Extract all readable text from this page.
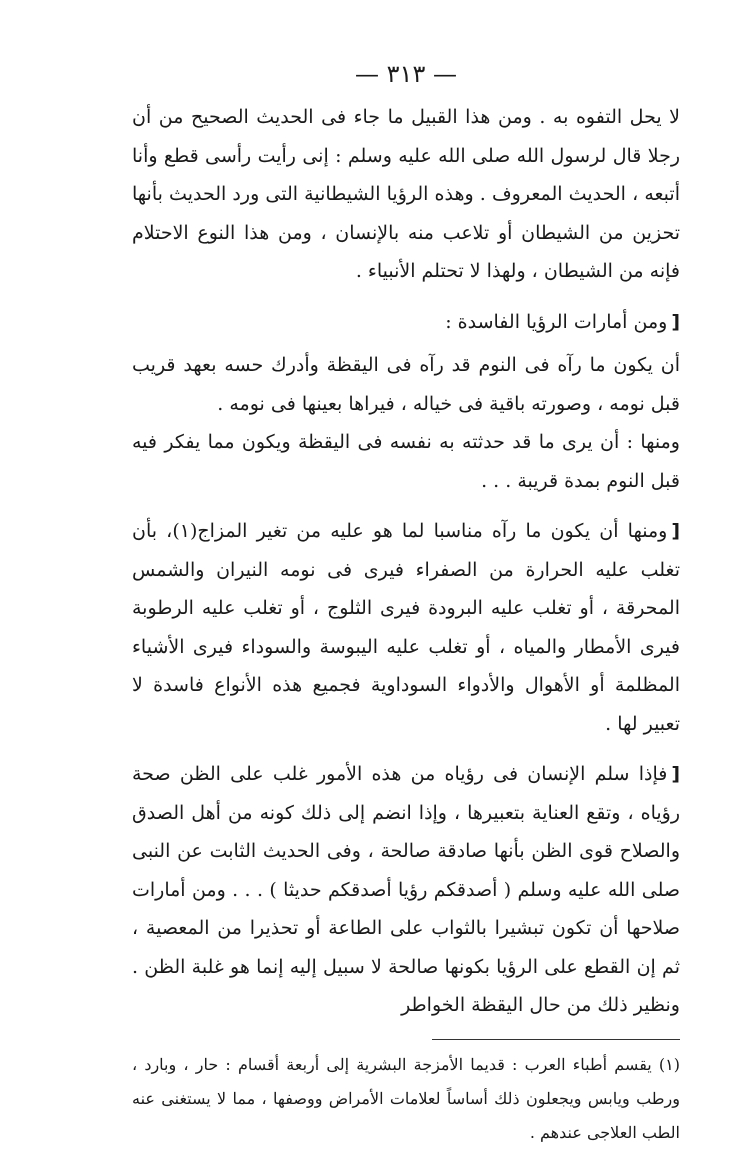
— ٣١٣ —

لا يحل التفوه به . ومن هذا القبيل ما جاء فى الحديث الصحيح من أن رجلا قال لرسول الله صلى الله عليه وسلم : إنى رأيت رأسى قطع وأنا أتبعه ، الحديث المعروف . وهذه الرؤيا الشيطانية التى ورد الحديث بأنها تحزين من الشيطان أو تلاعب منه بالإنسان ، ومن هذا النوع الاحتلام فإنه من الشيطان ، ولهذا لا تحتلم الأنبياء .

[ومن أمارات الرؤيا الفاسدة :

أن يكون ما رآه فى النوم قد رآه فى اليقظة وأدرك حسه بعهد قريب قبل نومه ، وصورته باقية فى خياله ، فيراها بعينها فى نومه .

ومنها : أن يرى ما قد حدثته به نفسه فى اليقظة ويكون مما يفكر فيه قبل النوم بمدة قريبة . . .

[ومنها أن يكون ما رآه مناسبا لما هو عليه من تغير المزاج(١)، بأن تغلب عليه الحرارة من الصفراء فيرى فى نومه النيران والشمس المحرقة ، أو تغلب عليه البرودة فيرى الثلوج ، أو تغلب عليه الرطوبة فيرى الأمطار والمياه ، أو تغلب عليه اليبوسة والسوداء فيرى الأشياء المظلمة أو الأهوال والأدواء السوداوية فجميع هذه الأنواع فاسدة لا تعبير لها .

[فإذا سلم الإنسان فى رؤياه من هذه الأمور غلب على الظن صحة رؤياه ، وتقع العناية بتعبيرها ، وإذا انضم إلى ذلك كونه من أهل الصدق والصلاح قوى الظن بأنها صادقة صالحة ، وفى الحديث الثابت عن النبى صلى الله عليه وسلم ( أصدقكم رؤيا أصدقكم حديثا ) . . . ومن أمارات صلاحها أن تكون تبشيرا بالثواب على الطاعة أو تحذيرا من المعصية ، ثم إن القطع على الرؤيا بكونها صالحة لا سبيل إليه إنما هو غلبة الظن . ونظير ذلك من حال اليقظة الخواطر

(١) يقسم أطباء العرب : قديما الأمزجة البشرية إلى أربعة أقسام : حار ، وبارد ، ورطب ويابس ويجعلون ذلك أساساً لعلامات الأمراض ووصفها ، مما لا يستغنى عنه الطب العلاجى عندهم .
